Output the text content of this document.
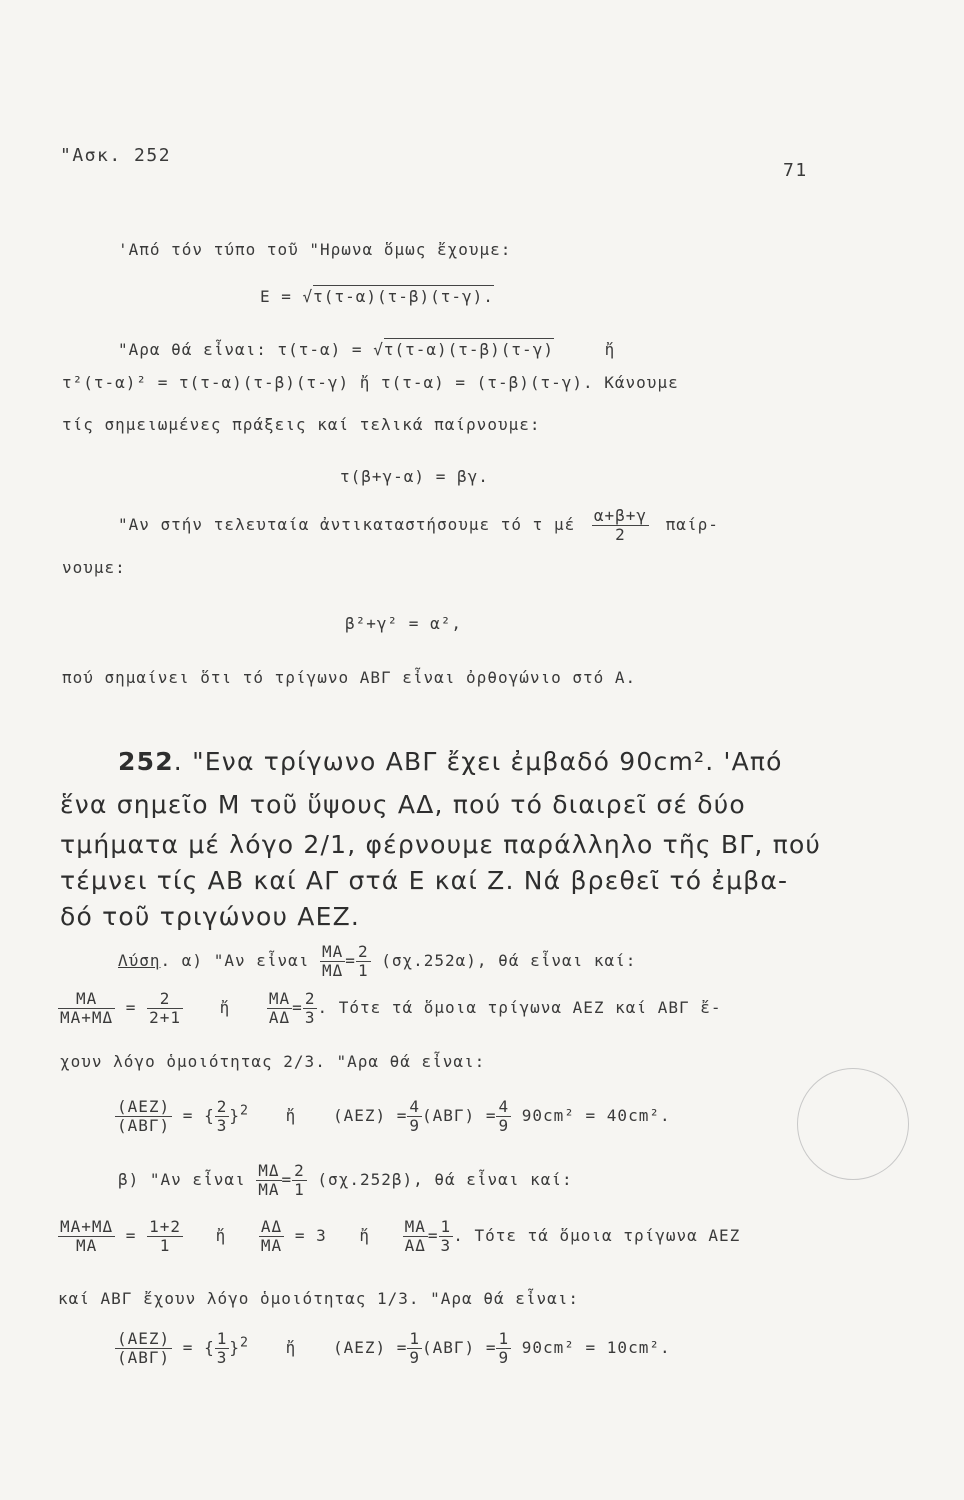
"Ασκ. 252
71
'Από τόν τύπο τοῦ "Ηρωνα ὅμως ἔχουμε:
E = √ τ(τ-α)(τ-β)(τ-γ).
"Αρα θά εἶναι: τ(τ-α) = √ τ(τ-α)(τ-β)(τ-γ)	ἤ
τ²(τ-α)² = τ(τ-α)(τ-β)(τ-γ) ἤ τ(τ-α) = (τ-β)(τ-γ). Κάνουμε
τίς σημειωμένες πράξεις καί τελικά παίρνουμε:
τ(β+γ-α) = βγ.
"Αν στήν τελευταία ἀντικαταστήσουμε τό τ μέ $\frac{\alpha+\beta+\gamma}{2} \pi\alpha ί\rho-$
νουμε:
β²+γ² = α²,
πού σημαίνει ὅτι τό τρίγωνο ΑΒΓ εἶναι ὀρθογώνιο στό Α.
252. "Ενα τρίγωνο ΑΒΓ ἔχει ἐμβαδό 90cm². 'Από
ἕνα σημεῖο Μ τοῦ ὕψους ΑΔ, πού τό διαιρεῖ σέ δύο
τμήματα μέ λόγο 2/1, φέρνουμε παράλληλο τῆς ΒΓ, πού
τέμνει τίς ΑΒ καί ΑΓ στά Ε καί Ζ. Νά βρεθεῖ τό ἐμβα-
δό τοῦ τριγώνου ΑΕΖ.
Λύση. α) "Αν εἶναι $\frac{MA}{M\Delta} = \frac{2}{1} (\sigma\chi.252\alpha)$, θά εἶναι καί:
$\frac{MA}{MA+M\Delta} = \frac{2}{2+1}$ ἤ $\frac{MA}{A\Delta} = \frac{2}{3}$ . Τότε τά ὅμοια τρίγωνα ΑΕΖ καί ΑΒΓ ἔ-
χουν λόγο ὁμοιότητας 2/3. "Αρα θά εἶναι:
$\frac{\text{(ΑΕΖ)}}{\text{(ΑΒΓ)}}$ = { $\frac{2}{3} \}^2$ ἤ $(AEZ) = \frac{4}{9} (AB\Gamma) = \frac{4}{9} 90cm^2 = 40cm^2$.
β) "Αν εἶναι $\frac{M\Delta}{MA} = \frac{2}{1} (\sigma\chi.252\beta)$, θά εἶναι καί:
$\frac{MA+M\Delta}{MA} = \frac{1+2}{1}$ ἤ $\frac{A\Delta}{MA} = 3$ ἤ $\frac{MA}{A\Delta} = \frac{1}{3}$ . Τότε τά ὅμοια τρίγωνα ΑΕΖ
καί ΑΒΓ ἔχουν λόγο ὁμοιότητας 1/3. "Αρα θά εἶναι:
$\frac{\text{(ΑΕΖ)}}{\text{(ΑΒΓ)}}$ = { $\frac{1}{3} \}^2$ ἤ $(AEZ) = \frac{1}{9} (AB\Gamma) = \frac{1}{9} 90cm^2 = 10cm^2$.
